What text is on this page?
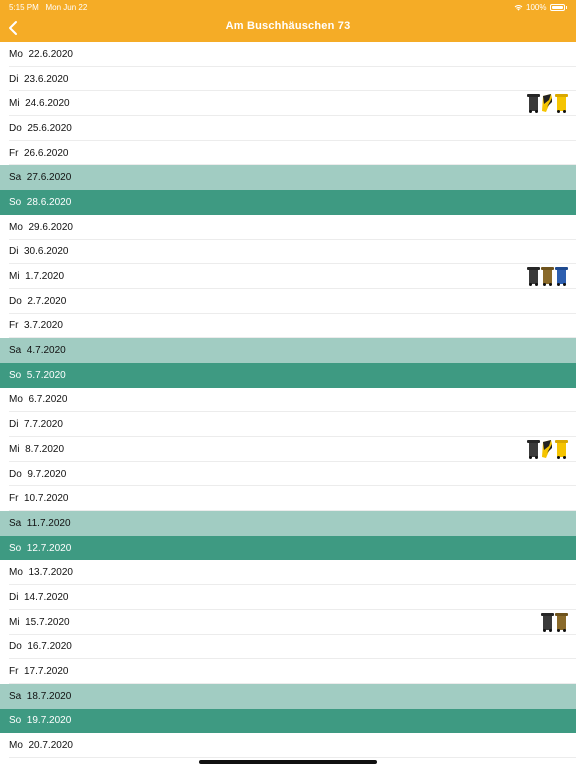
5:15 PM Mon Jun 22	100%
Am Buschhäuschen 73
Mo  22.6.2020
Di  23.6.2020
Mi  24.6.2020
Do  25.6.2020
Fr  26.6.2020
Sa  27.6.2020
So  28.6.2020
Mo  29.6.2020
Di  30.6.2020
Mi  1.7.2020
Do  2.7.2020
Fr  3.7.2020
Sa  4.7.2020
So  5.7.2020
Mo  6.7.2020
Di  7.7.2020
Mi  8.7.2020
Do  9.7.2020
Fr  10.7.2020
Sa  11.7.2020
So  12.7.2020
Mo  13.7.2020
Di  14.7.2020
Mi  15.7.2020
Do  16.7.2020
Fr  17.7.2020
Sa  18.7.2020
So  19.7.2020
Mo  20.7.2020
